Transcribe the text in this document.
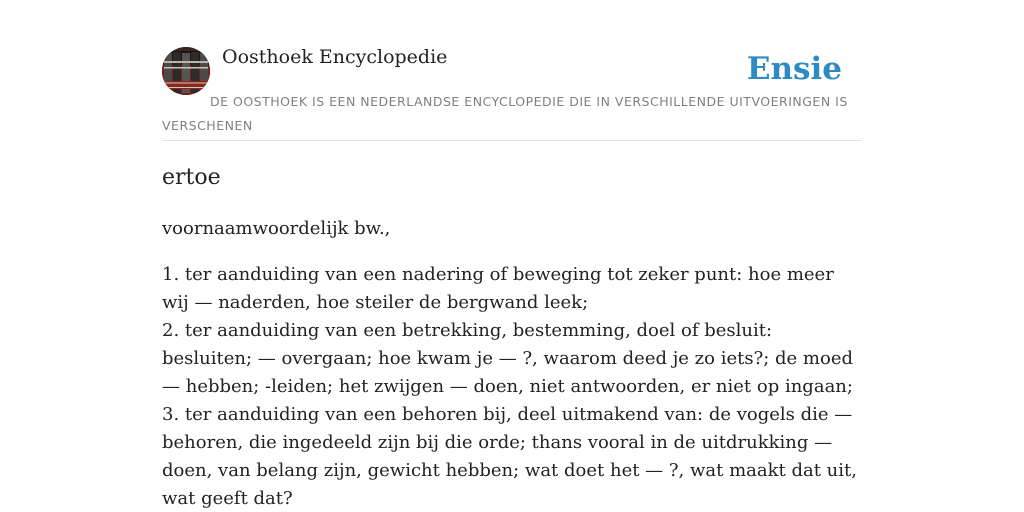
Oosthoek Encyclopedie	Ensie

DE OOSTHOEK IS EEN NEDERLANDSE ENCYCLOPEDIE DIE IN VERSCHILLENDE UITVOERINGEN IS VERSCHENEN

ertoe

voornaamwoordelijk bw.,

1. ter aanduiding van een nadering of beweging tot zeker punt: hoe meer wij — naderden, hoe steiler de bergwand leek;
2. ter aanduiding van een betrekking, bestemming, doel of besluit: besluiten; — overgaan; hoe kwam je — ?, waarom deed je zo iets?; de moed — hebben; -leiden; het zwijgen — doen, niet antwoorden, er niet op ingaan;
3. ter aanduiding van een behoren bij, deel uitmakend van: de vogels die — behoren, die ingedeeld zijn bij die orde; thans vooral in de uitdrukking — doen, van belang zijn, gewicht hebben; wat doet het — ?, wat maakt dat uit, wat geeft dat?
